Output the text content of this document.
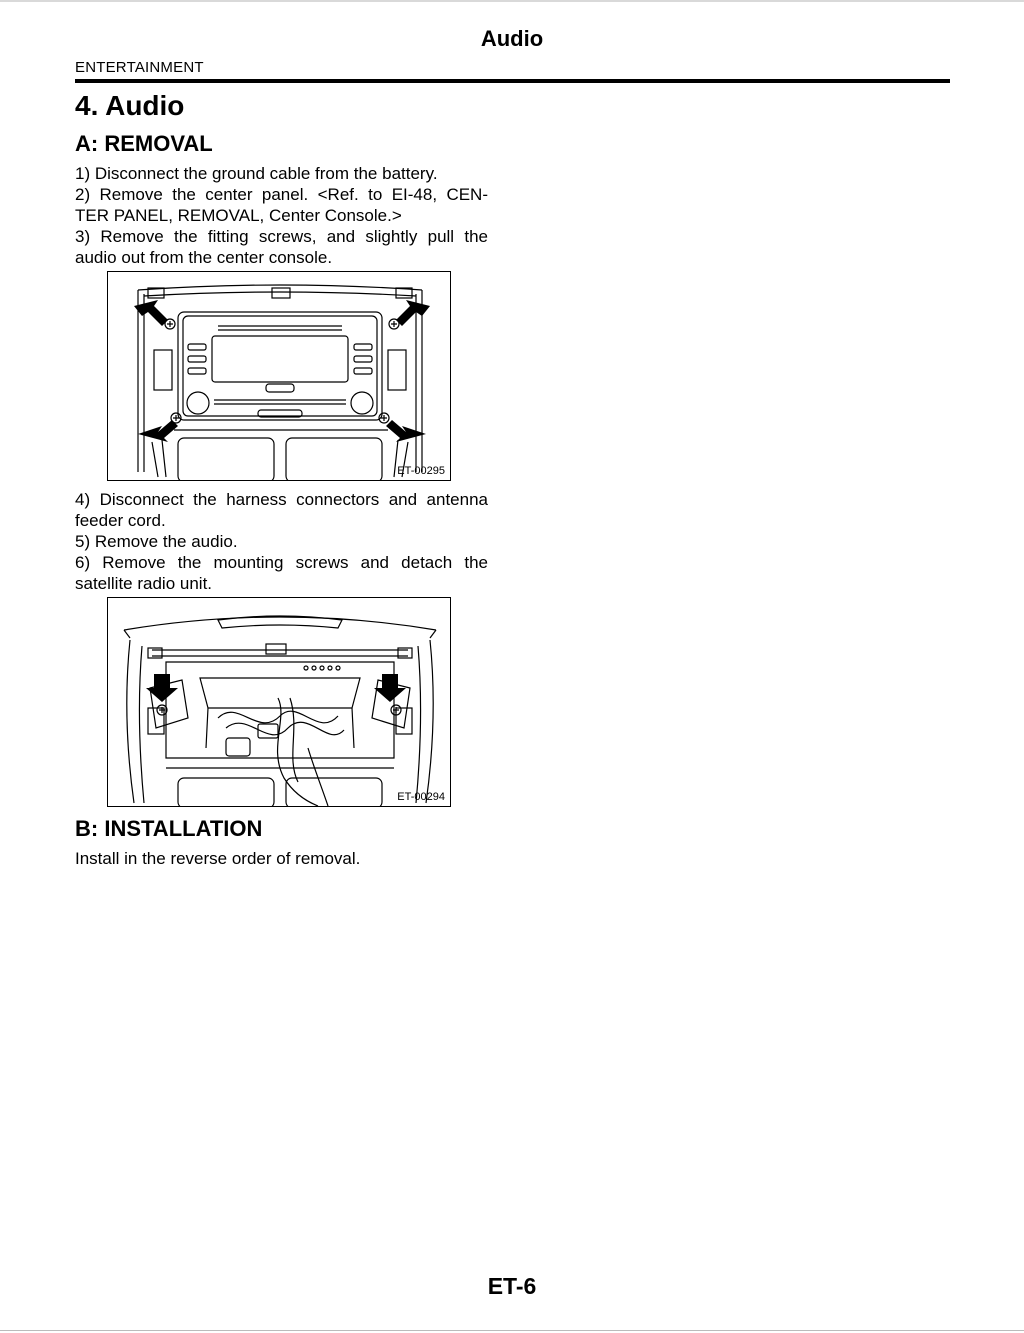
Audio
ENTERTAINMENT
4. Audio
A: REMOVAL

1) Disconnect the ground cable from the battery.

2) Remove the center panel. <Ref. to EI-48, CEN-

TER PANEL, REMOVAL, Center Console.>

3) Remove the fitting screws, and slightly pull the

audio out from the center console.

ET-00295

4) Disconnect the harness connectors and antenna

feeder cord.

5) Remove the audio.

6) Remove the mounting screws and detach the

satellite radio unit.

ET-00294
B: INSTALLATION

Install in the reverse order of removal.

ET-6
